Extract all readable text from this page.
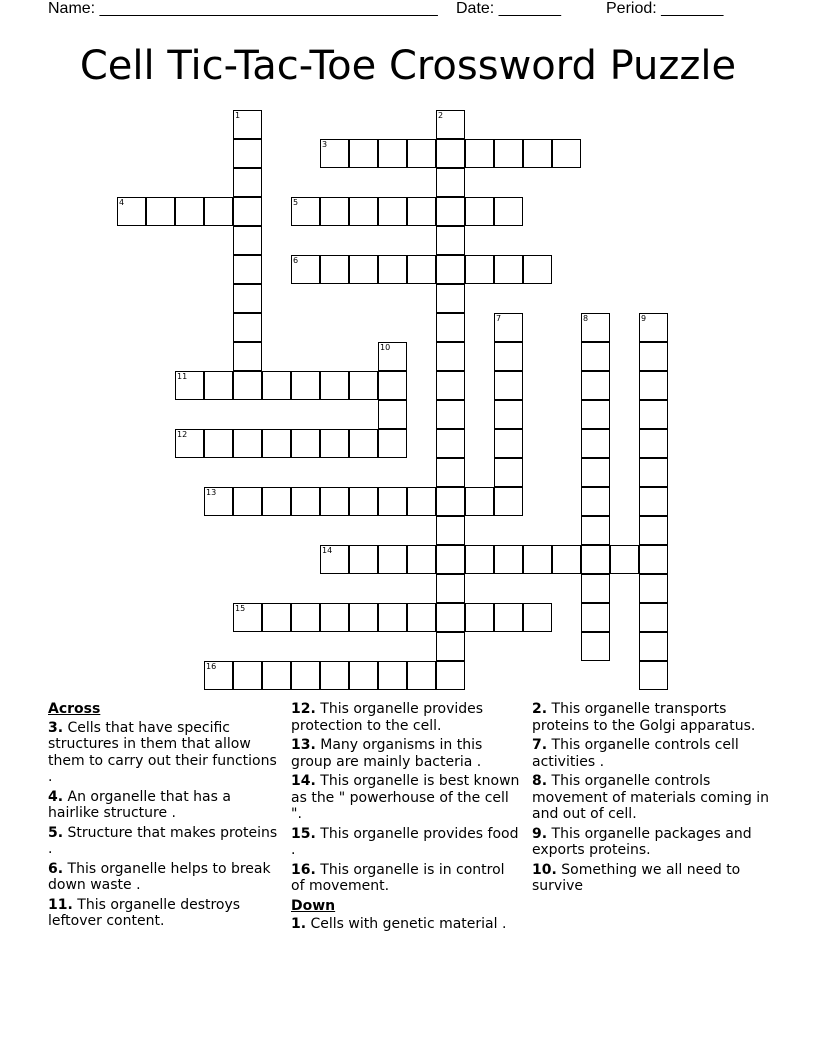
Name: ______________________________________ Date: _______	Period: _______
Cell Tic-Tac-Toe Crossword Puzzle
1	2
3
4	5
6
7	8	9
10
11
12
13
14
15
16
Across
3. Cells that have specific structures in them that allow them to carry out their functions .
4. An organelle that has a hairlike structure .
5. Structure that makes proteins .
6. This organelle helps to break down waste .
11. This organelle destroys leftover content.
12. This organelle provides protection to the cell.
13. Many organisms in this group are mainly bacteria .
14. This organelle is best known as the " powerhouse of the cell ".
15. This organelle provides food .
16. This organelle is in control of movement.
Down
1. Cells with genetic material .
2. This organelle transports proteins to the Golgi apparatus.
7. This organelle controls cell activities .
8. This organelle controls movement of materials coming in and out of cell.
9. This organelle packages and exports proteins.
10. Something we all need to survive
